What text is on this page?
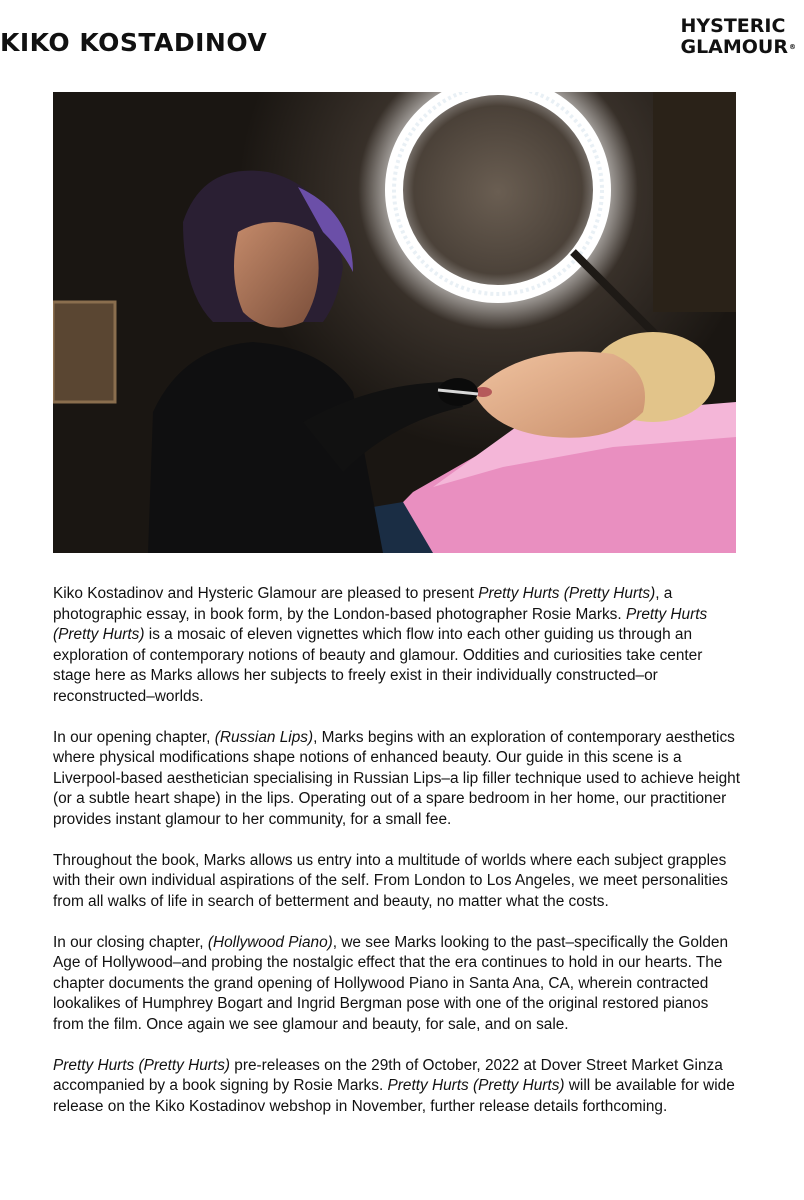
KIKO KOSTADINOV
HYSTERIC
GLAMOUR®

Kiko Kostadinov and Hysteric Glamour are pleased to present Pretty Hurts (Pretty Hurts), a photographic essay, in book form, by the London-based photographer Rosie Marks. Pretty Hurts (Pretty Hurts) is a mosaic of eleven vignettes which flow into each other guiding us through an exploration of contemporary notions of beauty and glamour. Oddities and curiosities take center stage here as Marks allows her subjects to freely exist in their individually constructed–or reconstructed–worlds.

In our opening chapter, (Russian Lips), Marks begins with an exploration of contemporary aesthetics where physical modifications shape notions of enhanced beauty. Our guide in this scene is a Liverpool-based aesthetician specialising in Russian Lips–a lip filler technique used to achieve height (or a subtle heart shape) in the lips. Operating out of a spare bedroom in her home, our practitioner provides instant glamour to her community, for a small fee.

Throughout the book, Marks allows us entry into a multitude of worlds where each subject grapples with their own individual aspirations of the self. From London to Los Angeles, we meet personalities from all walks of life in search of betterment and beauty, no matter what the costs.

In our closing chapter, (Hollywood Piano), we see Marks looking to the past–specifically the Golden Age of Hollywood–and probing the nostalgic effect that the era continues to hold in our hearts. The chapter documents the grand opening of Hollywood Piano in Santa Ana, CA, wherein contracted lookalikes of Humphrey Bogart and Ingrid Bergman pose with one of the original restored pianos from the film. Once again we see glamour and beauty, for sale, and on sale.

Pretty Hurts (Pretty Hurts) pre-releases on the 29th of October, 2022 at Dover Street Market Ginza accompanied by a book signing by Rosie Marks. Pretty Hurts (Pretty Hurts) will be available for wide release on the Kiko Kostadinov webshop in November, further release details forthcoming.
